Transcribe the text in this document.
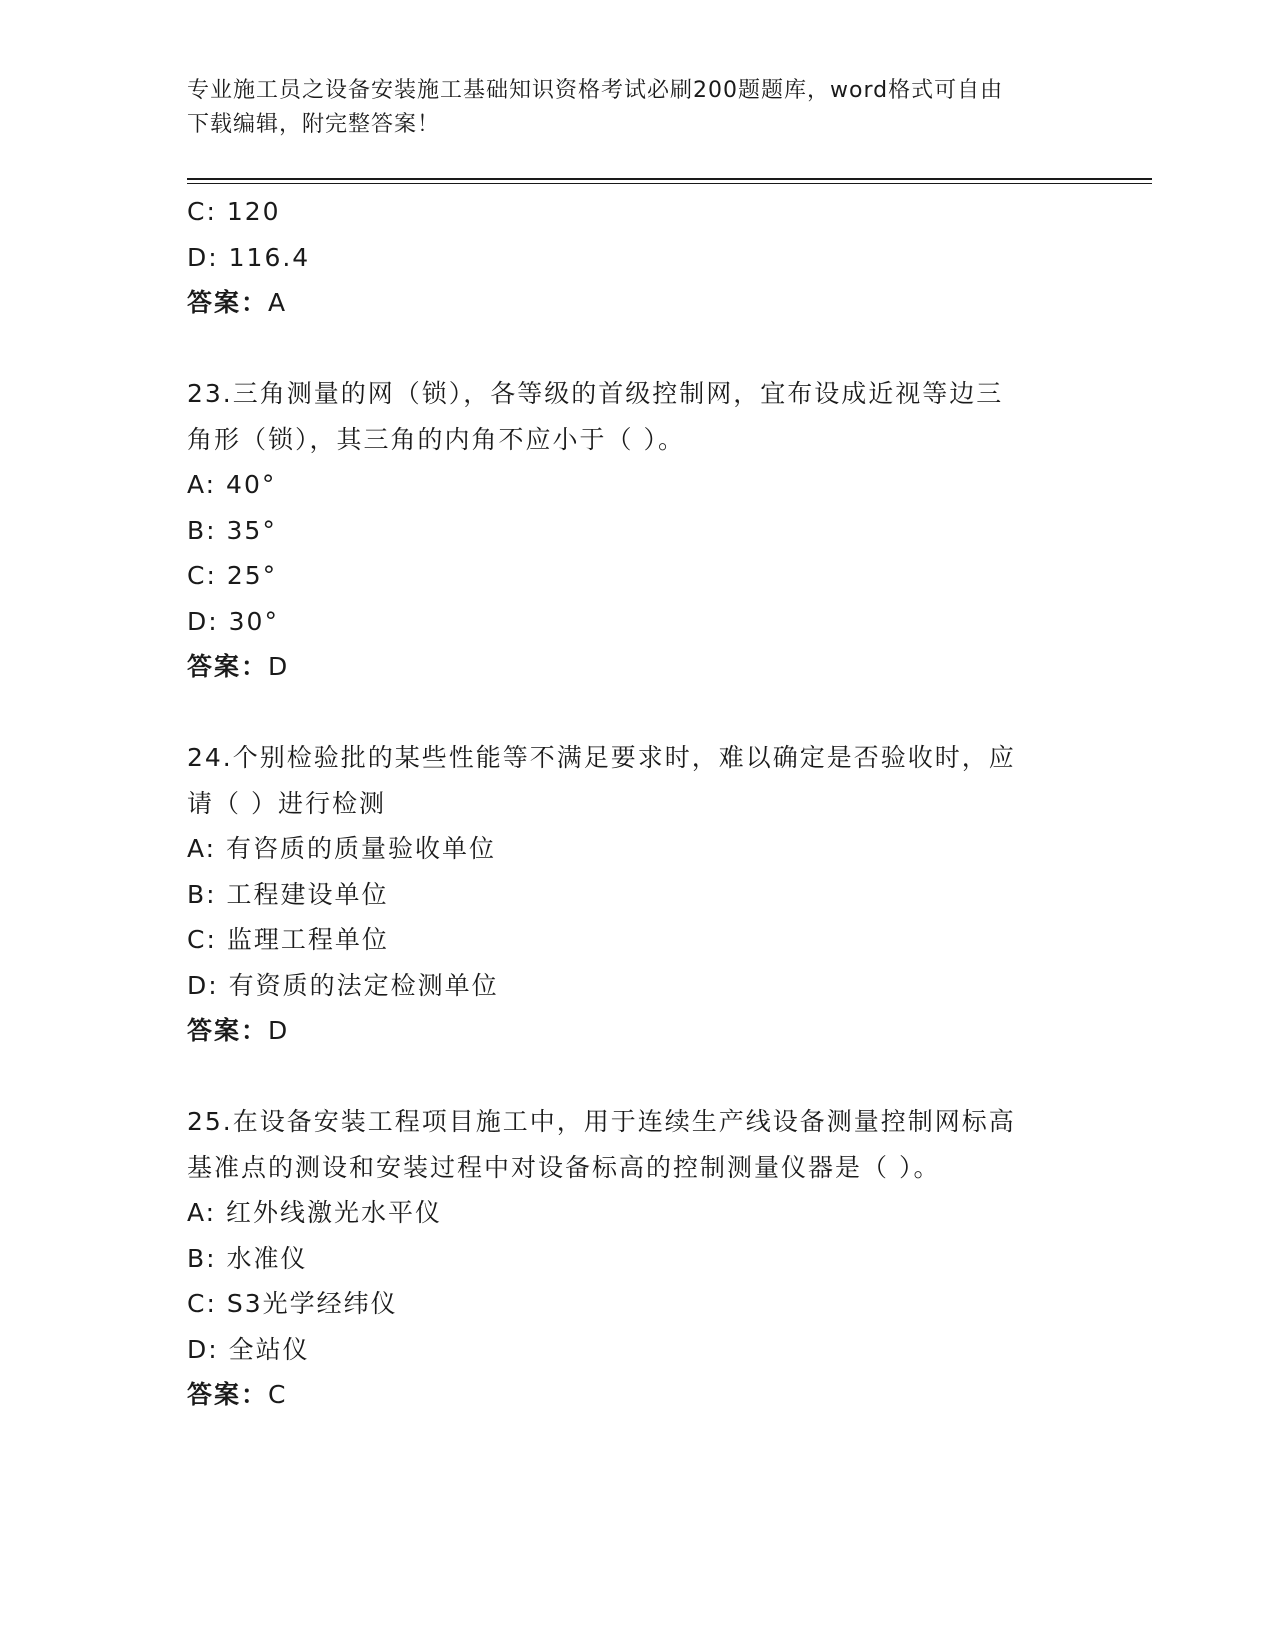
专业施工员之设备安装施工基础知识资格考试必刷200题题库，word格式可自由
下载编辑，附完整答案！
C: 120
D: 116.4
答案：A
23.三角测量的网（锁），各等级的首级控制网，宜布设成近视等边三
角形（锁），其三角的内角不应小于（ ）。
A: 40°
B: 35°
C: 25°
D: 30°
答案：D
24.个别检验批的某些性能等不满足要求时，难以确定是否验收时，应
请（ ）进行检测
A: 有咨质的质量验收单位
B: 工程建设单位
C: 监理工程单位
D: 有资质的法定检测单位
答案：D
25.在设备安装工程项目施工中，用于连续生产线设备测量控制网标高
基准点的测设和安装过程中对设备标高的控制测量仪器是（ ）。
A: 红外线激光水平仪
B: 水准仪
C: S3光学经纬仪
D: 全站仪
答案：C
